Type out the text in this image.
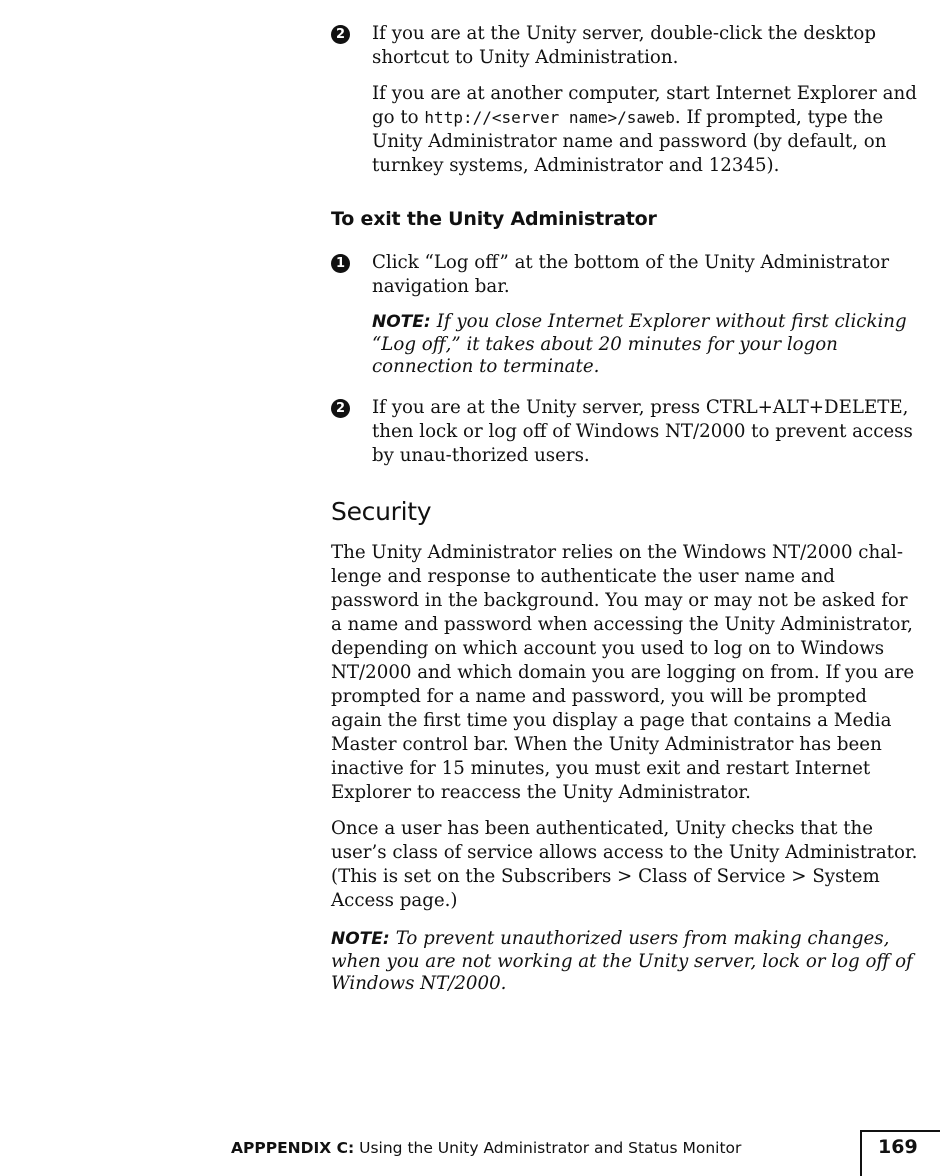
2 If you are at the Unity server, double-click the desktop shortcut to Unity Administration.

If you are at another computer, start Internet Explorer and go to http://<server name>/saweb. If prompted, type the Unity Administrator name and password (by default, on turnkey systems, Administrator and 12345).

To exit the Unity Administrator
1 Click “Log off” at the bottom of the Unity Administrator navigation bar.

NOTE: If you close Internet Explorer without first clicking “Log off,” it takes about 20 minutes for your logon connection to terminate.

2 If you are at the Unity server, press CTRL+ALT+DELETE, then lock or log off of Windows NT/2000 to prevent access by unau-thorized users.

Security

The Unity Administrator relies on the Windows NT/2000 chal-lenge and response to authenticate the user name and password in the background. You may or may not be asked for a name and password when accessing the Unity Administrator, depending on which account you used to log on to Windows NT/2000 and which domain you are logging on from. If you are prompted for a name and password, you will be prompted again the first time you display a page that contains a Media Master control bar. When the Unity Administrator has been inactive for 15 minutes, you must exit and restart Internet Explorer to reaccess the Unity Administrator.

Once a user has been authenticated, Unity checks that the user’s class of service allows access to the Unity Administrator. (This is set on the Subscribers > Class of Service > System Access page.)

NOTE: To prevent unauthorized users from making changes, when you are not working at the Unity server, lock or log off of Windows NT/2000.

APPPENDIX C: Using the Unity Administrator and Status Monitor	169
